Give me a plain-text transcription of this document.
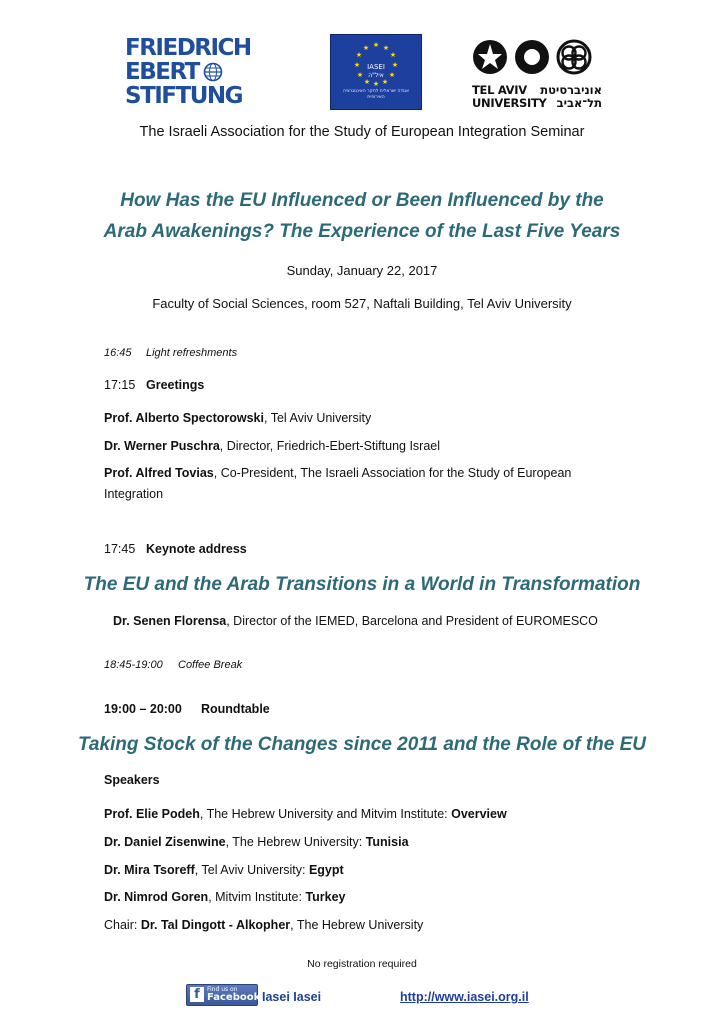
FRIEDRICH
EBERT
STIFTUNG
★ ★
★
★
★
★
★
★
★
★
★
★
IASEI
איל"ה
אגודה ישראלית לחקר האינטגרציה האירופית
TEL AVIV
UNIVERSITY
אוניברסיטת
תל־אביב
The Israeli Association for the Study of European Integration Seminar
How Has the EU Influenced or Been Influenced by the
Arab Awakenings? The Experience of the Last Five Years
Sunday, January 22, 2017
Faculty of Social Sciences, room 527, Naftali Building, Tel Aviv University
16:45 Light refreshments
17:15 Greetings
Prof. Alberto Spectorowski, Tel Aviv University
Dr. Werner Puschra, Director, Friedrich-Ebert-Stiftung Israel
Prof. Alfred Tovias, Co-President, The Israeli Association for the Study of European
Integration
17:45 Keynote address
The EU and the Arab Transitions in a World in Transformation
Dr. Senen Florensa, Director of the IEMED, Barcelona and President of EUROMESCO
18:45-19:00 Coffee Break
19:00 – 20:00 Roundtable
Taking Stock of the Changes since 2011 and the Role of the EU
Speakers
Prof. Elie Podeh, The Hebrew University and Mitvim Institute: Overview
Dr. Daniel Zisenwine, The Hebrew University: Tunisia
Dr. Mira Tsoreff, Tel Aviv University: Egypt
Dr. Nimrod Goren, Mitvim Institute: Turkey
Chair: Dr. Tal Dingott - Alkopher, The Hebrew University
No registration required
f	Find us on
Facebook Iasei Iasei	http://www.iasei.org.il
